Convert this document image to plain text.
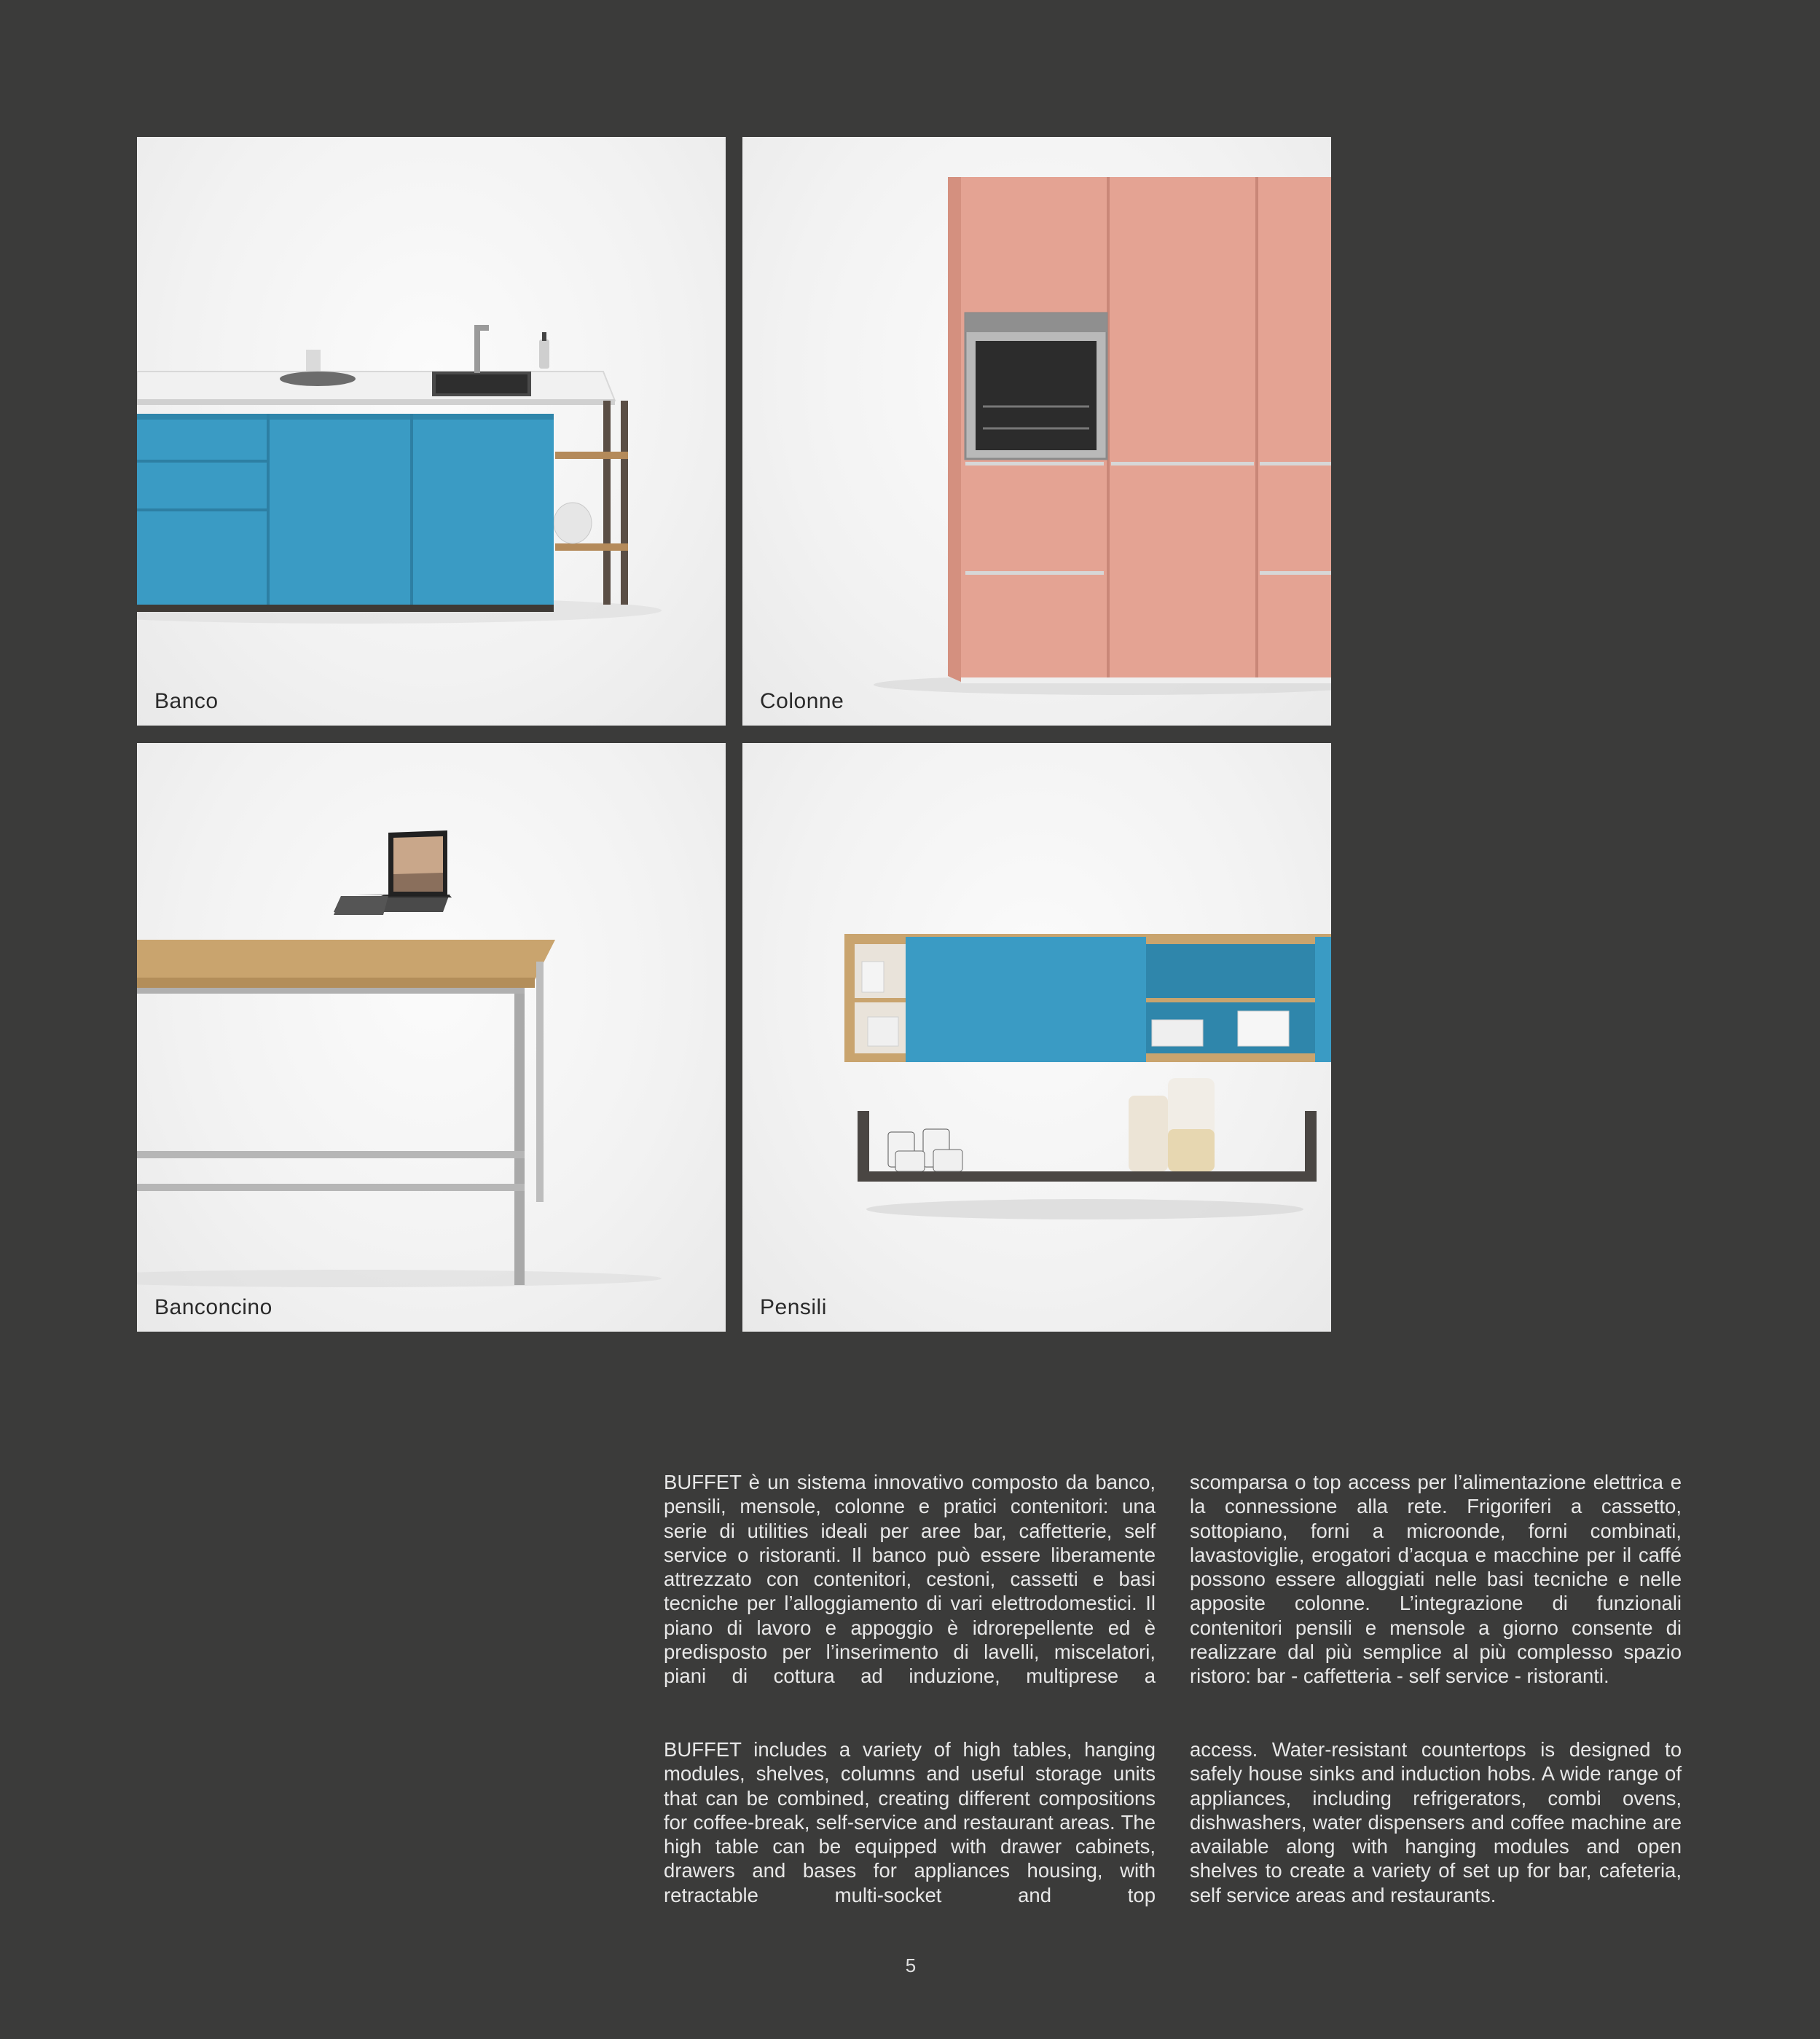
Banco	Colonne
Banconcino	Pensili
BUFFET è un sistema innovativo composto da banco, pensili, mensole, colonne e pratici contenitori: una serie di utilities ideali per aree bar, caffetterie, self service o ristoranti. Il banco può essere liberamente attrezzato con contenitori, cestoni, cassetti e basi tecniche per l’alloggiamento di vari elettrodomestici. Il piano di lavoro e appoggio è idrorepellente ed è predisposto per l’inserimento di lavelli, miscelatori, piani di cottura ad induzione, multiprese a
scomparsa o top access per l’alimentazione elettrica e la connessione alla rete. Frigoriferi a cassetto, sottopiano, forni a microonde, forni combinati, lavastoviglie, erogatori d’acqua e macchine per il caffé possono essere alloggiati nelle basi tecniche e nelle apposite colonne. L’integrazione di funzionali contenitori pensili e mensole a giorno consente di realizzare dal più semplice al più complesso spazio ristoro: bar - caffetteria - self service - ristoranti.
BUFFET includes a variety of high tables, hanging modules, shelves, columns and useful storage units that can be combined, creating different compositions for coffee-break, self-service and restaurant areas. The high table can be equipped with drawer cabinets, drawers and bases for appliances housing, with retractable multi-socket and top
access. Water-resistant countertops is designed to safely house sinks and induction hobs. A wide range of appliances, including refrigerators, combi ovens, dishwashers, water dispensers and coffee machine are available along with hanging modules and open shelves to create a variety of set up for bar, cafeteria, self service areas and restaurants.
5
